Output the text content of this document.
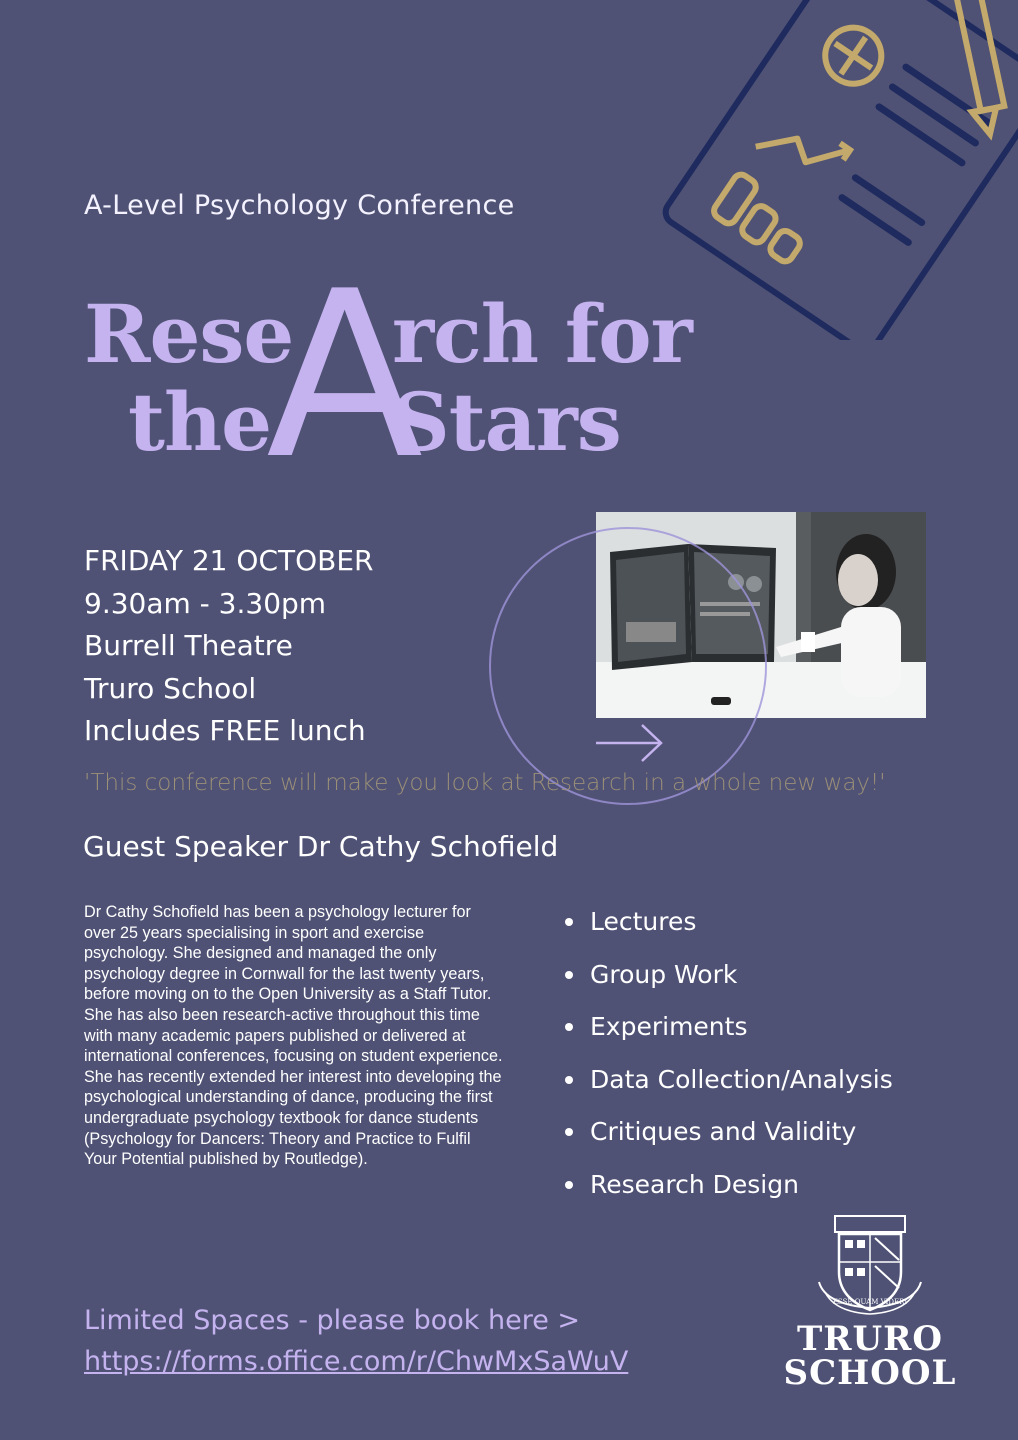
A-Level Psychology Conference
Rese
A
rch for
the Stars
FRIDAY 21 OCTOBER
9.30am - 3.30pm
Burrell Theatre
Truro School
Includes FREE lunch
'This conference will make you look at Research in a whole new way!'
Guest Speaker Dr Cathy Schofield
Dr Cathy Schofield has been a psychology lecturer for over 25 years specialising in sport and exercise psychology. She designed and managed the only psychology degree in Cornwall for the last twenty years, before moving on to the Open University as a Staff Tutor. She has also been research-active throughout this time with many academic papers published or delivered at international conferences, focusing on student experience. She has recently extended her interest into developing the psychological understanding of dance, producing the first undergraduate psychology textbook for dance students (Psychology for Dancers: Theory and Practice to Fulfil Your Potential published by Routledge).
Lectures
Group Work
Experiments
Data Collection/Analysis
Critiques and Validity
Research Design
Limited Spaces - please book here >
https://forms.office.com/r/ChwMxSaWuV
ESSE QUAM VIDERI
TRURO
SCHOOL
